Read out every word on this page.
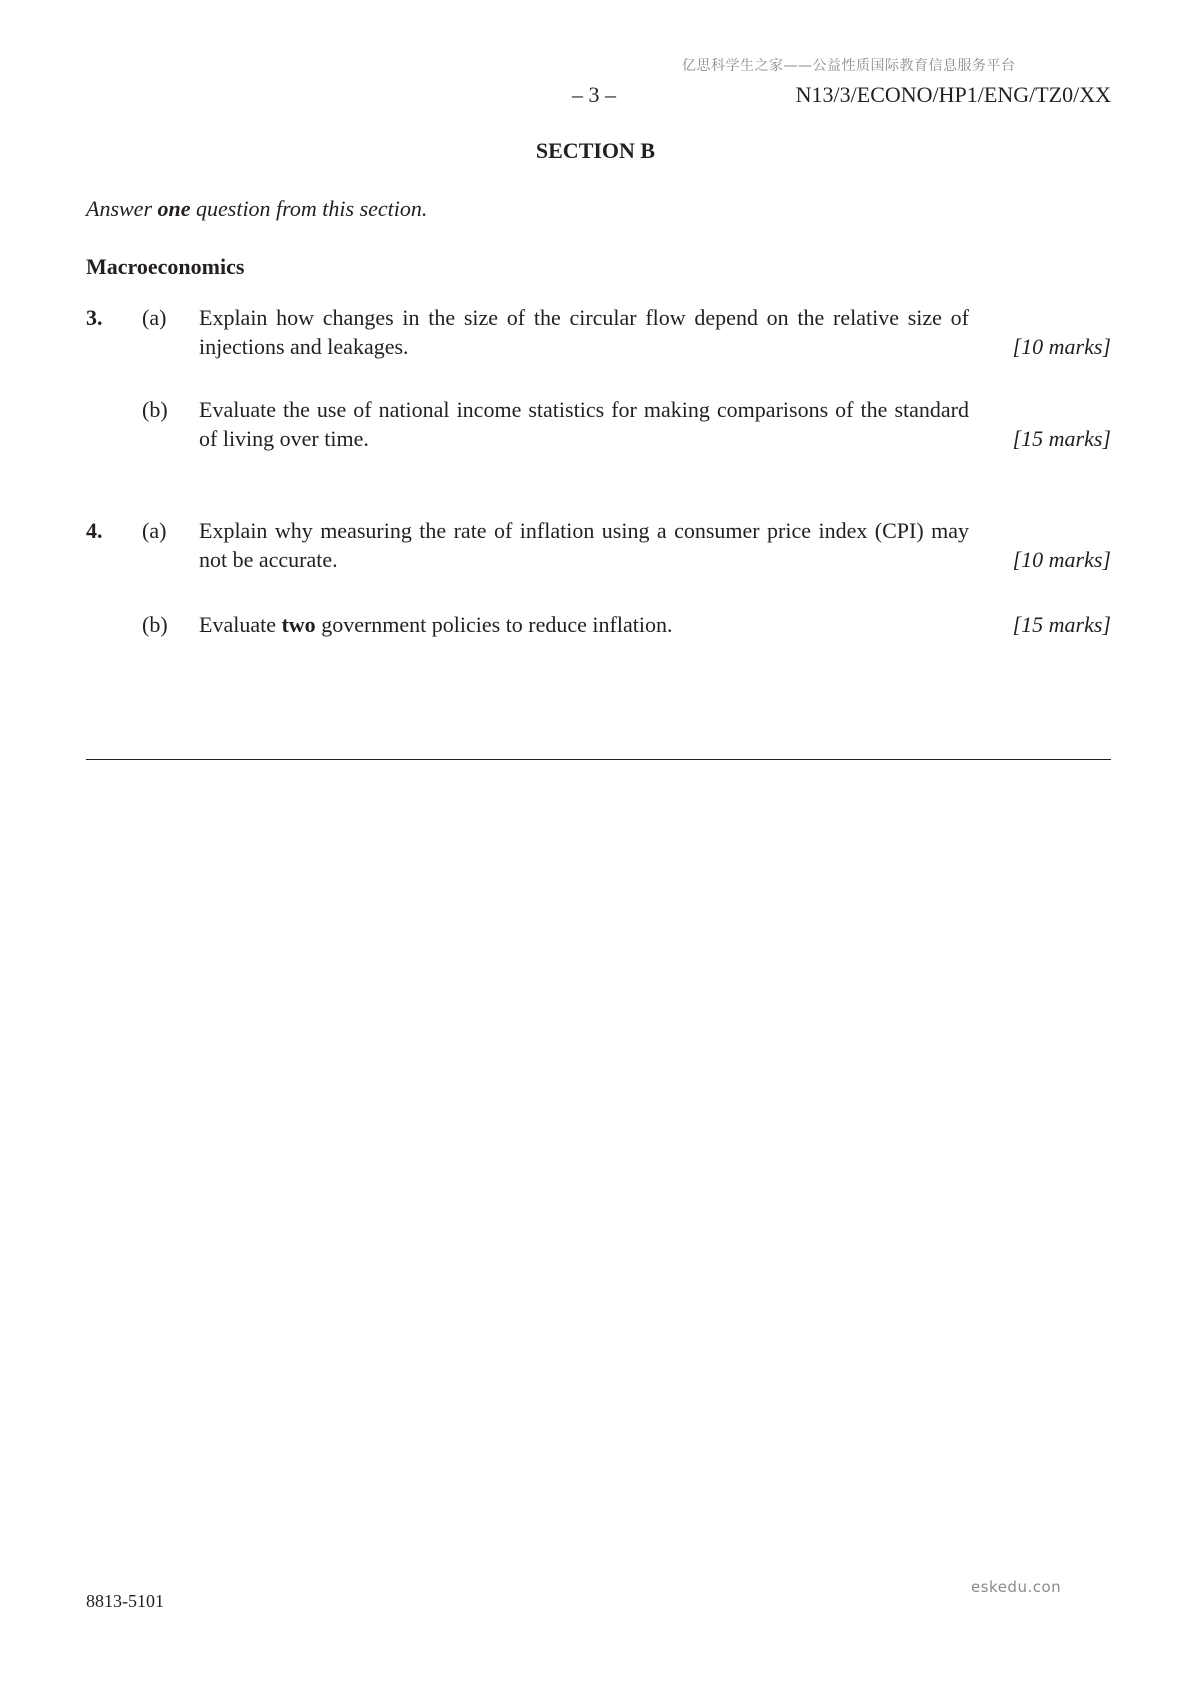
亿思科学生之家——公益性质国际教育信息服务平台
– 3 –	N13/3/ECONO/HP1/ENG/TZ0/XX
SECTION B
Answer one question from this section.
Macroeconomics
3. (a) Explain how changes in the size of the circular flow depend on the relative size of injections and leakages.	[10 marks]
(b) Evaluate the use of national income statistics for making comparisons of the standard of living over time.	[15 marks]
4. (a) Explain why measuring the rate of inflation using a consumer price index (CPI) may not be accurate.	[10 marks]
(b) Evaluate two government policies to reduce inflation.	[15 marks]
8813-5101
eskedu.con
